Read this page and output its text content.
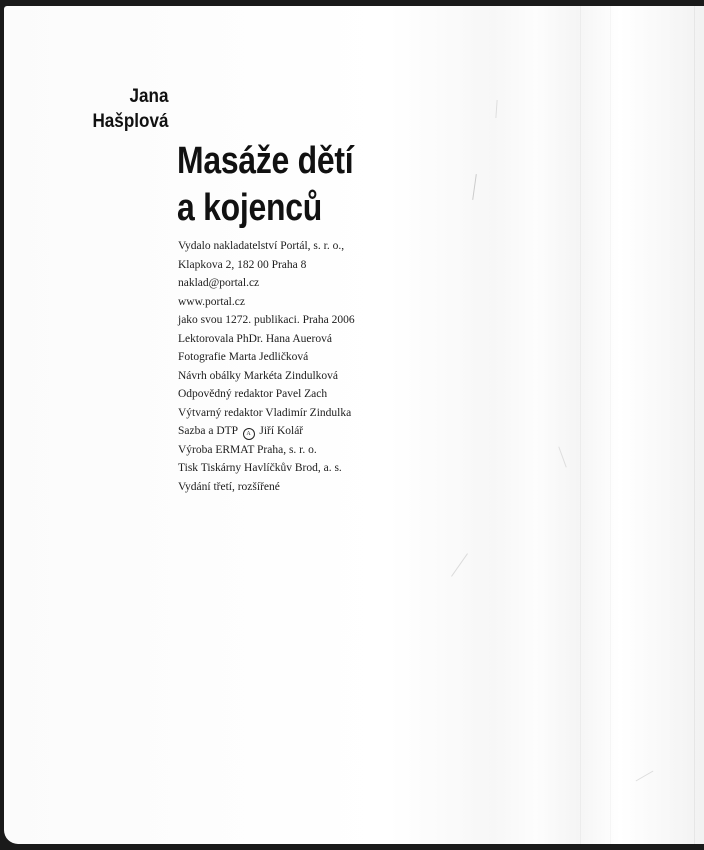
Jana
Hašplová
Masáže dětí
a kojenců
Vydalo nakladatelství Portál, s. r. o.,
Klapkova 2, 182 00 Praha 8
naklad@portal.cz
www.portal.cz
jako svou 1272. publikaci. Praha 2006
Lektorovala PhDr. Hana Auerová
Fotografie Marta Jedličková
Návrh obálky Markéta Zindulková
Odpovědný redaktor Pavel Zach
Výtvarný redaktor Vladimír Zindulka
Sazba a DTP A Jiří Kolář
Výroba ERMAT Praha, s. r. o.
Tisk Tiskárny Havlíčkův Brod, a. s.
Vydání třetí, rozšířené
